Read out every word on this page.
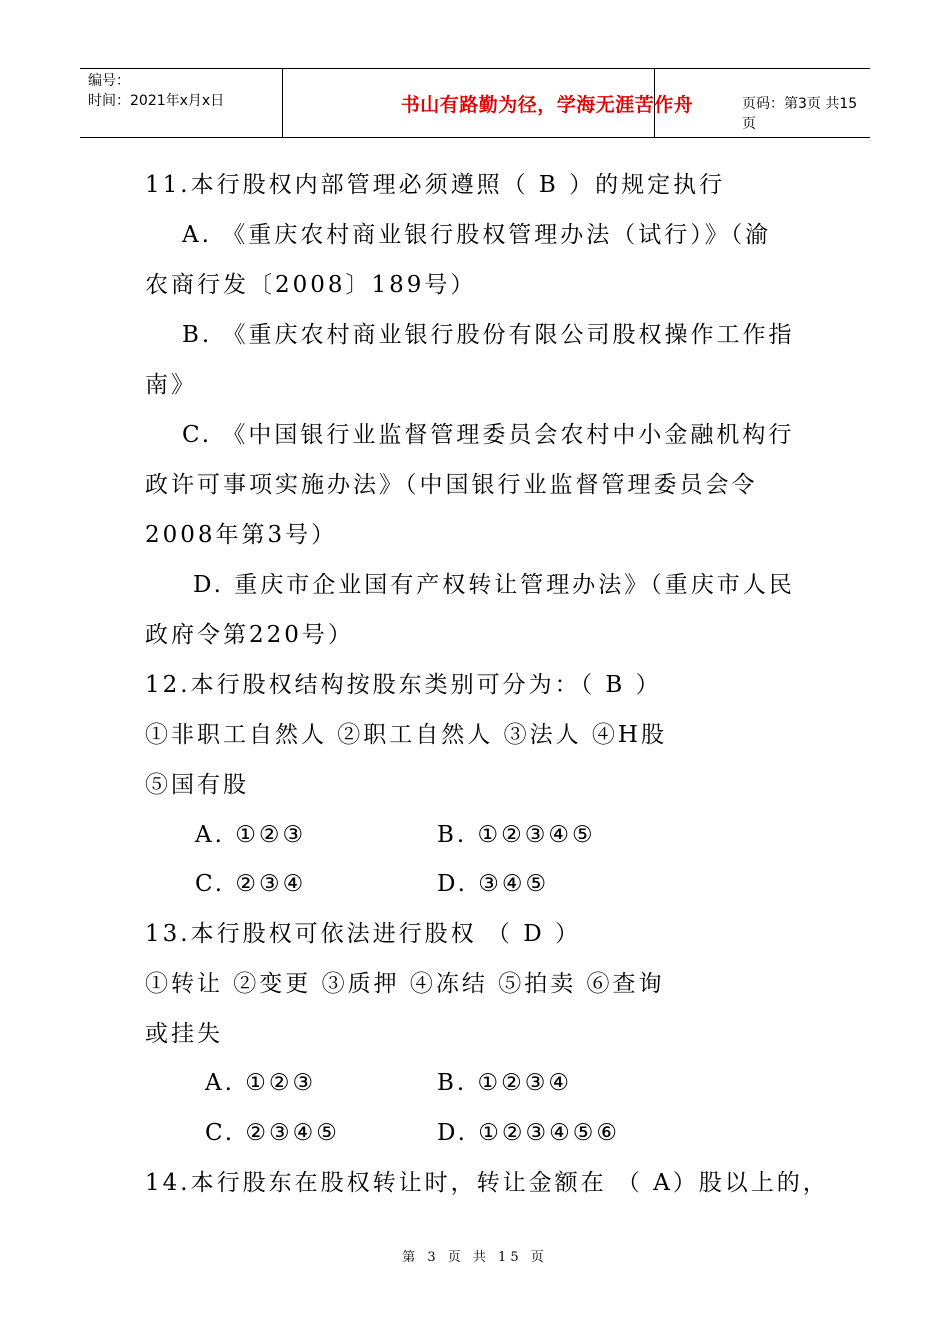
编号：
时间：2021年x月x日	书山有路勤为径，学海无涯苦作舟	页码：第3页 共15页
11.本行股权内部管理必须遵照（ B ）的规定执行
A. 《重庆农村商业银行股权管理办法（试行）》（渝
农商行发〔2008〕189号）
B. 《重庆农村商业银行股份有限公司股权操作工作指
南》
C. 《中国银行业监督管理委员会农村中小金融机构行
政许可事项实施办法》（中国银行业监督管理委员会令
2008年第3号）
D. 重庆市企业国有产权转让管理办法》（重庆市人民
政府令第220号）
12.本行股权结构按股东类别可分为：（ B ）
①非职工自然人 ②职工自然人 ③法人 ④H股
⑤国有股
A. ①②③	B. ①②③④⑤
C. ②③④	D. ③④⑤
13.本行股权可依法进行股权 （ D ）
①转让 ②变更 ③质押 ④冻结 ⑤拍卖 ⑥查询
或挂失
A. ①②③	B. ①②③④
C. ②③④⑤	D. ①②③④⑤⑥
14.本行股东在股权转让时，转让金额在 （ A）股以上的，
第 3 页 共 15 页
